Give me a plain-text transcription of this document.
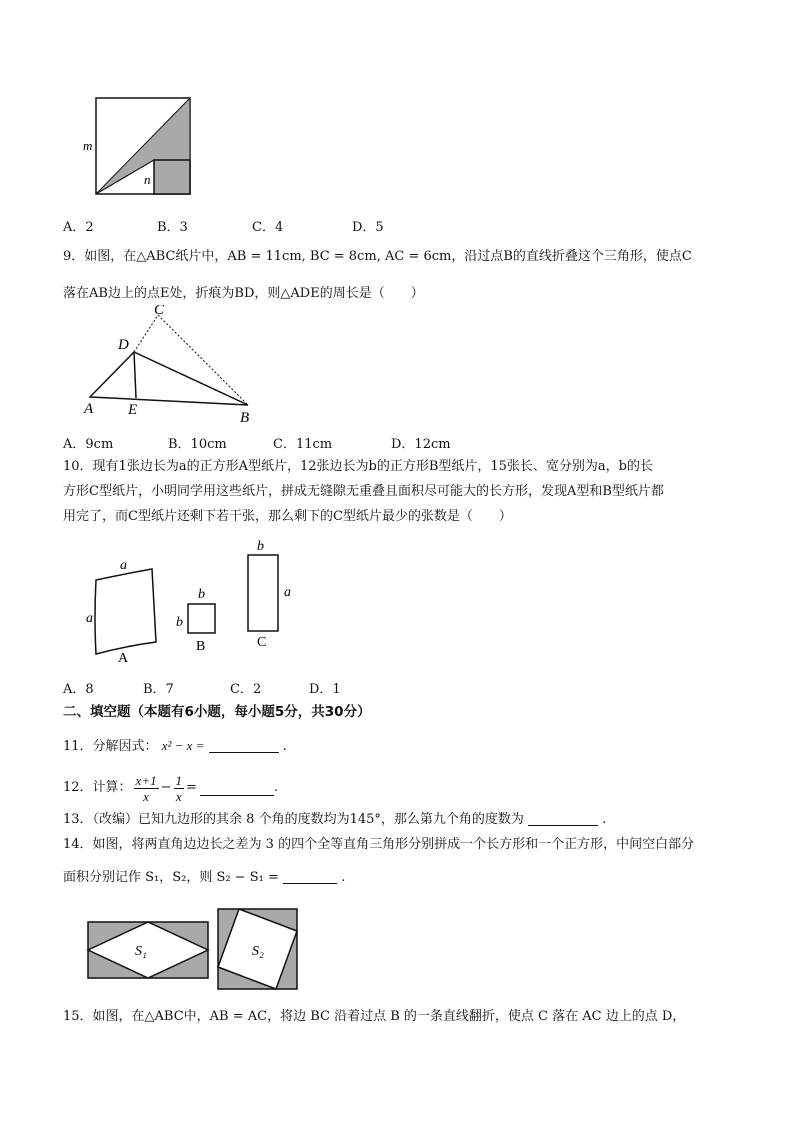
m
n
A．2	B．3	C．4	D．5
9．如图，在△ABC纸片中，AB = 11cm, BC = 8cm, AC = 6cm，沿过点B的直线折叠这个三角形，使点C
落在AB边上的点E处，折痕为BD，则△ADE的周长是（　　）
C
D
A E	B
A．9cm	B．10cm	C．11cm	D．12cm
10．现有1张边长为a的正方形A型纸片，12张边长为b的正方形B型纸片，15张长、宽分别为a，b的长
方形C型纸片，小明同学用这些纸片，拼成无缝隙无重叠且面积尽可能大的长方形，发现A型和B型纸片都
用完了，而C型纸片还剩下若干张，那么剩下的C型纸片最少的张数是（　　）
a
a
A
b
b
B
b
a
C
A．8	B．7	C．2	D．1
二、填空题（本题有6小题，每小题5分，共30分）
11．分解因式： x² − x =	.
12．计算： $\frac{x+1}{x} - \frac{1}{x}$ =	.
13．（改编）已知九边形的其余 8 个角的度数均为145°，那么第九个角的度数为	.
14．如图，将两直角边边长之差为 3 的四个全等直角三角形分别拼成一个长方形和一个正方形，中间空白部分
面积分别记作 S₁，S₂，则 S₂ − S₁ =	.
S₁	S₂
15．如图，在△ABC中，AB = AC，将边 BC 沿着过点 B 的一条直线翻折，使点 C 落在 AC 边上的点 D，
